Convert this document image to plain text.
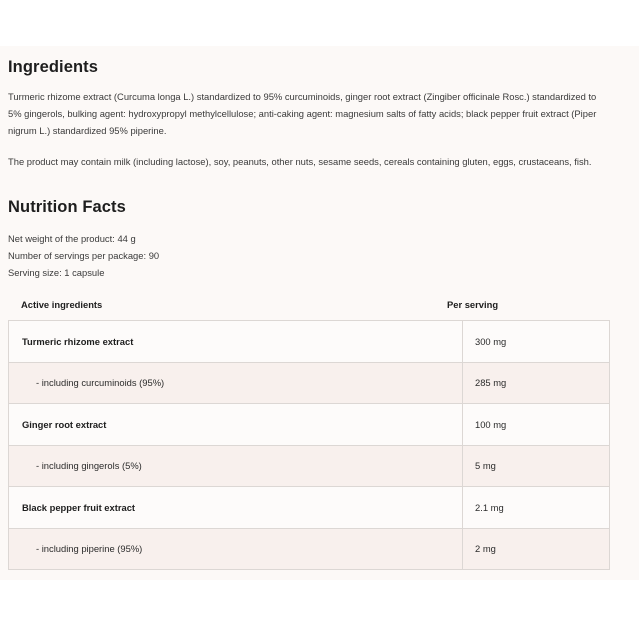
Ingredients

Turmeric rhizome extract (Curcuma longa L.) standardized to 95% curcuminoids, ginger root extract (Zingiber officinale Rosc.) standardized to 5% gingerols, bulking agent: hydroxypropyl methylcellulose; anti-caking agent: magnesium salts of fatty acids; black pepper fruit extract (Piper nigrum L.) standardized 95% piperine.

The product may contain milk (including lactose), soy, peanuts, other nuts, sesame seeds, cereals containing gluten, eggs, crustaceans, fish.

Nutrition Facts
Net weight of the product: 44 g
Number of servings per package: 90
Serving size: 1 capsule
Active ingredients	Per serving
Turmeric rhizome extract	300 mg
- including curcuminoids (95%)	285 mg
Ginger root extract	100 mg
- including gingerols (5%)	5 mg
Black pepper fruit extract	2.1 mg
- including piperine (95%)	2 mg
